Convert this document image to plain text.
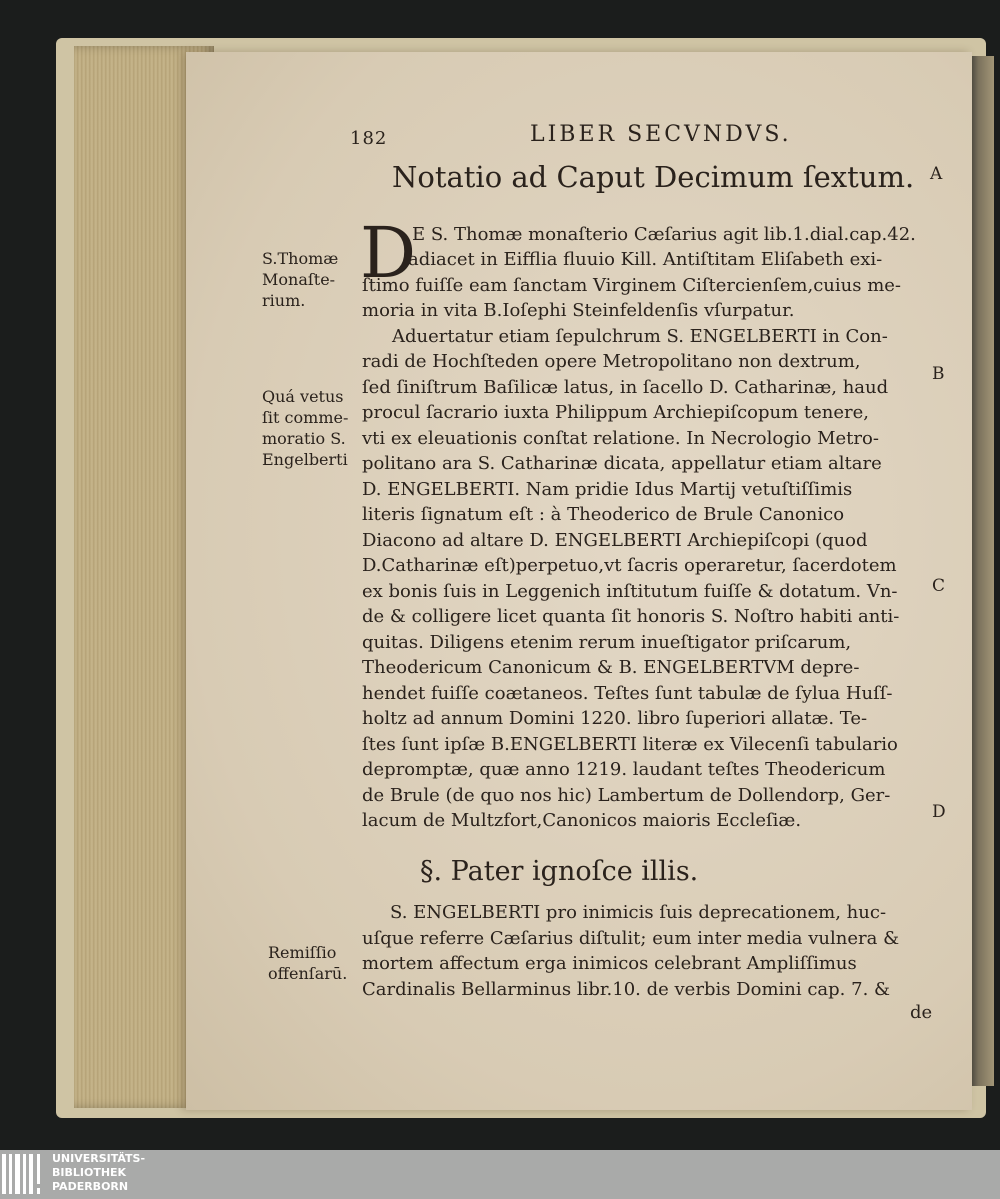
182	LIBER SECVNDVS.
Notatio ad Caput Decimum ſextum. A
B
C
D
S.Thomæ
Monaſte-
rium.
Quá vetus
ſit comme-
moratio S.
Engelberti
Remiſſio
offenſarū.
D
E S. Thomæ monaſterio Cæſarius agit lib.1.dial.cap.42.
adiacet in Eifflia fluuio Kill. Antiſtitam Eliſabeth exi-
ſtimo fuiſſe eam ſanctam Virginem Ciſtercienſem,cuius me-
moria in vita B.Ioſephi Steinfeldenſis vſurpatur.
Aduertatur etiam ſepulchrum S. ENGELBERTI in Con-
radi de Hochſteden opere Metropolitano non dextrum,
ſed ſiniſtrum Baſilicæ latus, in ſacello D. Catharinæ, haud
procul ſacrario iuxta Philippum Archiepiſcopum tenere,
vti ex eleuationis conſtat relatione. In Necrologio Metro-
politano ara S. Catharinæ dicata, appellatur etiam altare
D. ENGELBERTI. Nam pridie Idus Martij vetuſtiſſimis
literis ſignatum eſt : à Theoderico de Brule Canonico
Diacono ad altare D. ENGELBERTI Archiepiſcopi (quod
D.Catharinæ eſt)perpetuo,vt ſacris operaretur, ſacerdotem
ex bonis ſuis in Leggenich inſtitutum fuiſſe & dotatum. Vn-
de & colligere licet quanta ſit honoris S. Noſtro habiti anti-
quitas. Diligens etenim rerum inueſtigator priſcarum,
Theodericum Canonicum & B. ENGELBERTVM depre-
hendet fuiſſe coætaneos. Teſtes ſunt tabulæ de ſylua Huſſ-
holtz ad annum Domini 1220. libro ſuperiori allatæ. Te-
ſtes ſunt ipſæ B.ENGELBERTI literæ ex Vilecenſi tabulario
depromptæ, quæ anno 1219. laudant teſtes Theodericum
de Brule (de quo nos hic) Lambertum de Dollendorp, Ger-
lacum de Multzfort,Canonicos maioris Eccleſiæ.
§. Pater ignoſce illis.
S. ENGELBERTI pro inimicis ſuis deprecationem, huc-
uſque referre Cæſarius diſtulit; eum inter media vulnera &
mortem affectum erga inimicos celebrant Ampliſſimus
Cardinalis Bellarminus libr.10. de verbis Domini cap. 7. &
de
UNIVERSITÄTS-
BIBLIOTHEK
PADERBORN
